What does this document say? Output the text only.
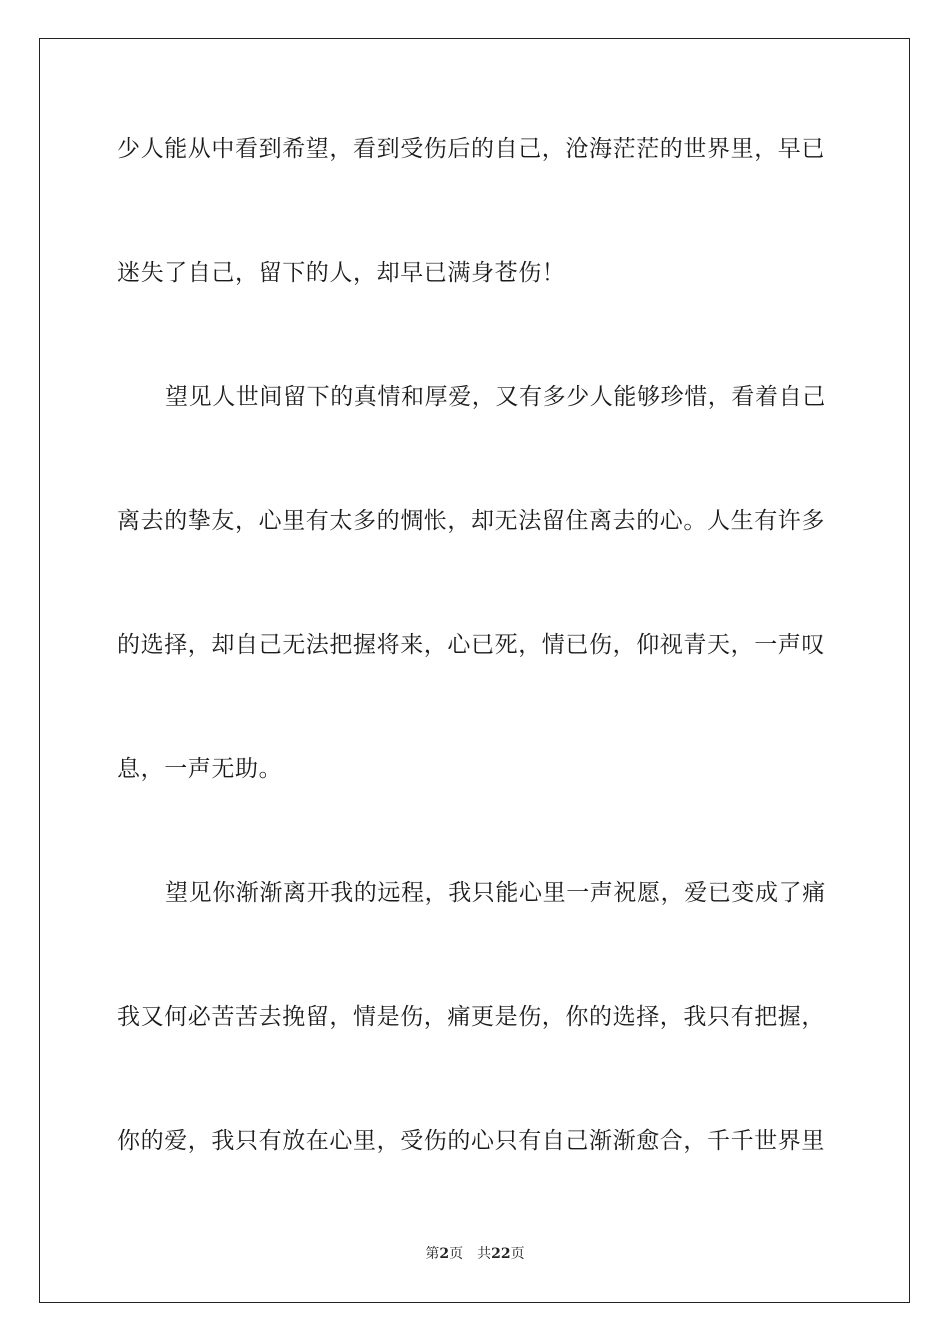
少人能从中看到希望，看到受伤后的自己，沧海茫茫的世界里，早已
迷失了自己，留下的人，却早已满身苍伤！
望见人世间留下的真情和厚爱，又有多少人能够珍惜，看着自己
离去的挚友，心里有太多的惆怅，却无法留住离去的心。人生有许多
的选择，却自己无法把握将来，心已死，情已伤，仰视青天，一声叹
息，一声无助。
望见你渐渐离开我的远程，我只能心里一声祝愿，爱已变成了痛
我又何必苦苦去挽留，情是伤，痛更是伤，你的选择，我只有把握，
你的爱，我只有放在心里，受伤的心只有自己渐渐愈合，千千世界里
第2页 共22页
